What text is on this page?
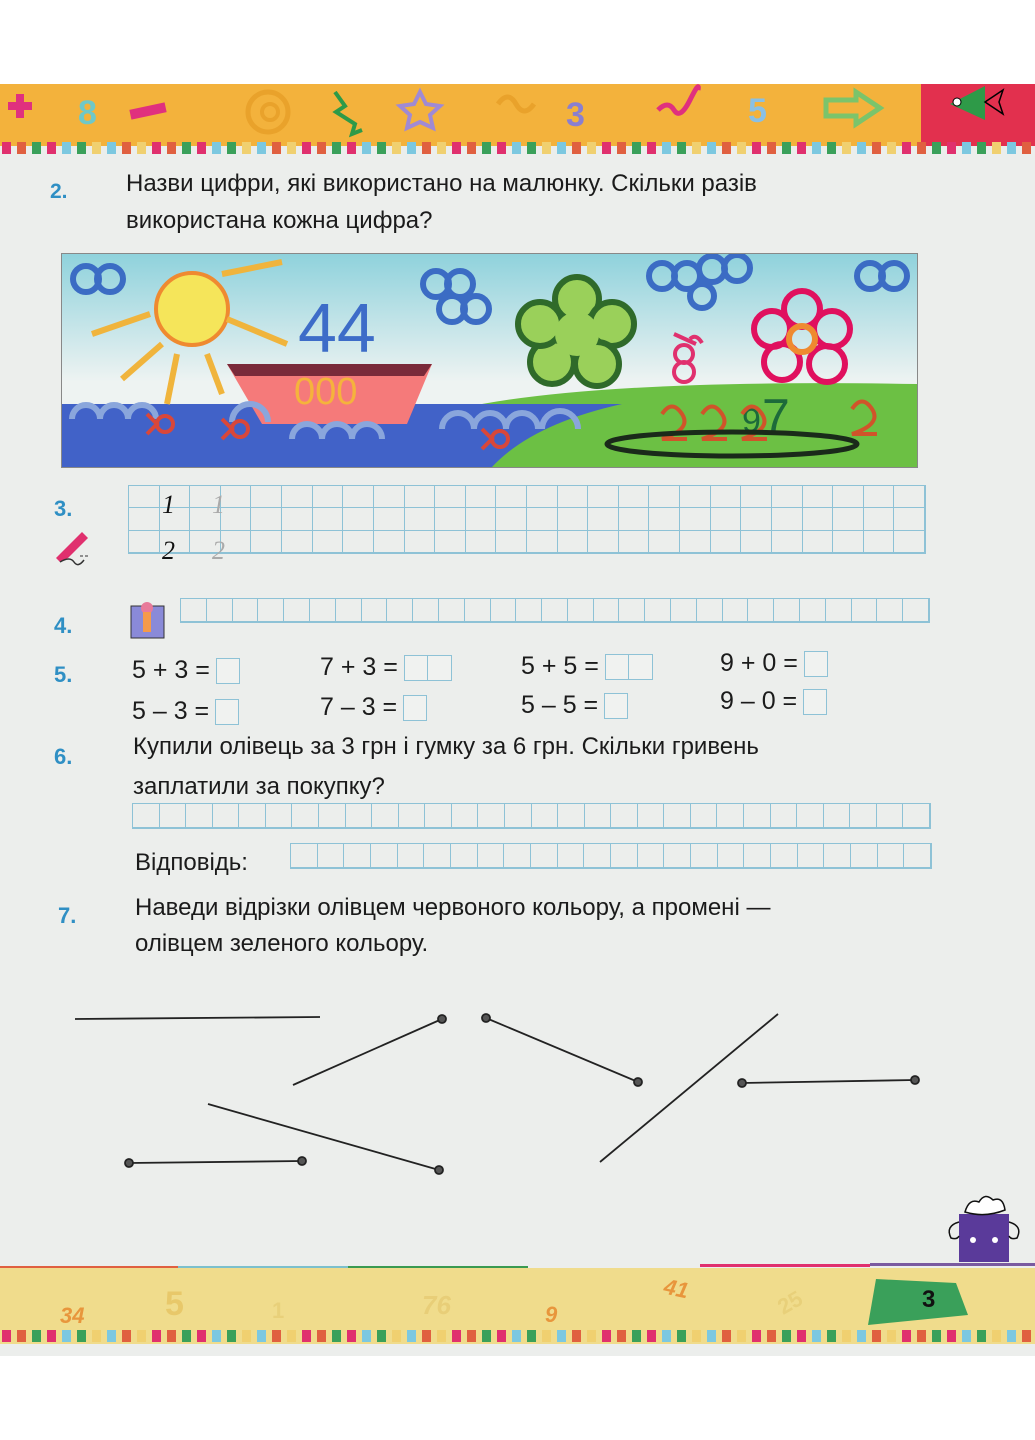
8	3	5
2. Назви цифри, які використано на малюнку. Скільки разів
використана кожна цифра?
44
000
9 7
3.	1 1
2 2
4.
5. 5 + 3 =
5 – 3 =
7 + 3 =
7 – 3 =
5 + 5 =
5 – 5 =
9 + 0 =
9 – 0 =
6.	Купили олівець за 3 грн і гумку за 6 грн. Скільки гривень
заплатили за покупку?
Відповідь:
7. Наведи відрізки олівцем червоного кольору, а промені —
олівцем зеленого кольору.
34 5	1	76	9
41	25	3
